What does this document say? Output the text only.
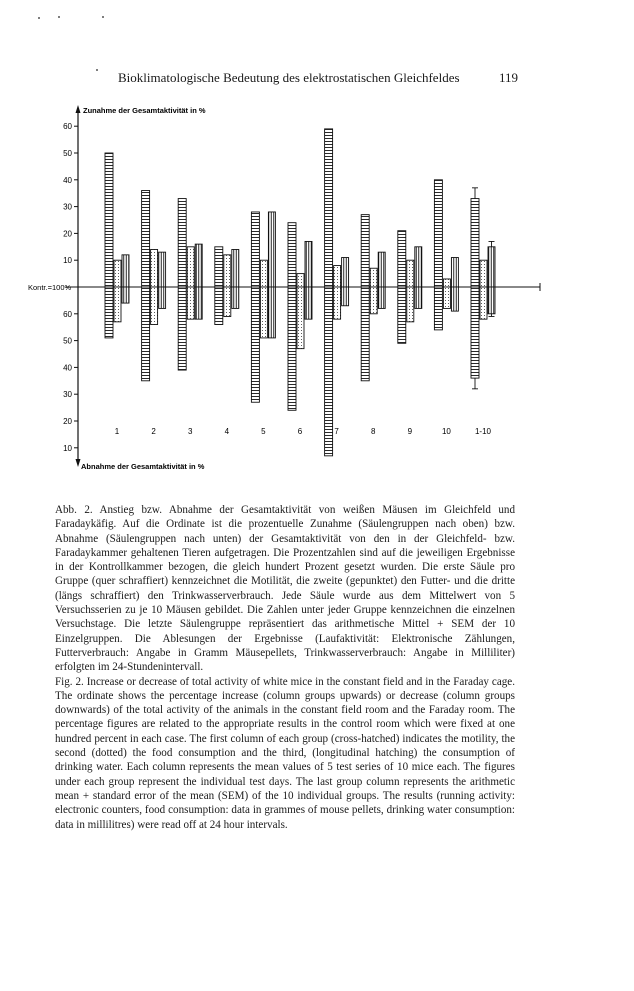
Bioklimatologische Bedeutung des elektrostatischen Gleichfeldes	119
60
50
40
30
20
10
10
20
30
40
50
60
Zunahme der Gesamtaktivität in %
Abnahme der Gesamtaktivität in %
Kontr.=100%
1	2	3	4	5	6	7	8	9	10	1-10

Abb. 2. Anstieg bzw. Abnahme der Gesamtaktivität von weißen Mäusen im Gleichfeld und Faradaykäfig. Auf die Ordinate ist die prozentuelle Zunahme (Säulengruppen nach oben) bzw. Abnahme (Säulengruppen nach unten) der Gesamtaktivität von den in der Gleichfeld- bzw. Faradaykammer gehaltenen Tieren aufgetragen. Die Prozentzahlen sind auf die jeweiligen Ergebnisse in der Kontrollkammer bezogen, die gleich hundert Prozent gesetzt wurden. Die erste Säule pro Gruppe (quer schraffiert) kennzeichnet die Motilität, die zweite (gepunktet) den Futter- und die dritte (längs schraffiert) den Trinkwasserverbrauch. Jede Säule wurde aus dem Mittelwert von 5 Versuchsserien zu je 10 Mäusen gebildet. Die Zahlen unter jeder Gruppe kennzeichnen die einzelnen Versuchstage. Die letzte Säulengruppe repräsentiert das arithmetische Mittel + SEM der 10 Einzelgruppen. Die Ablesungen der Ergebnisse (Laufaktivität: Elektronische Zählungen, Futterverbrauch: Angabe in Gramm Mäusepellets, Trinkwasserverbrauch: Angabe in Milliliter) erfolgten im 24-Stundenintervall.

Fig. 2. Increase or decrease of total activity of white mice in the constant field and in the Faraday cage. The ordinate shows the percentage increase (column groups upwards) or decrease (column groups downwards) of the total activity of the animals in the constant field room and the Faraday room. The percentage figures are related to the appropriate results in the control room which were fixed at one hundred percent in each case. The first column of each group (cross-hatched) indicates the motility, the second (dotted) the food consumption and the third, (longitudinal hatching) the consumption of drinking water. Each column represents the mean values of 5 test series of 10 mice each. The figures under each group represent the individual test days. The last group column represents the arithmetic mean + standard error of the mean (SEM) of the 10 individual groups. The results (running activity: electronic counters, food consumption: data in grammes of mouse pellets, drinking water consumption: data in millilitres) were read off at 24 hour intervals.
